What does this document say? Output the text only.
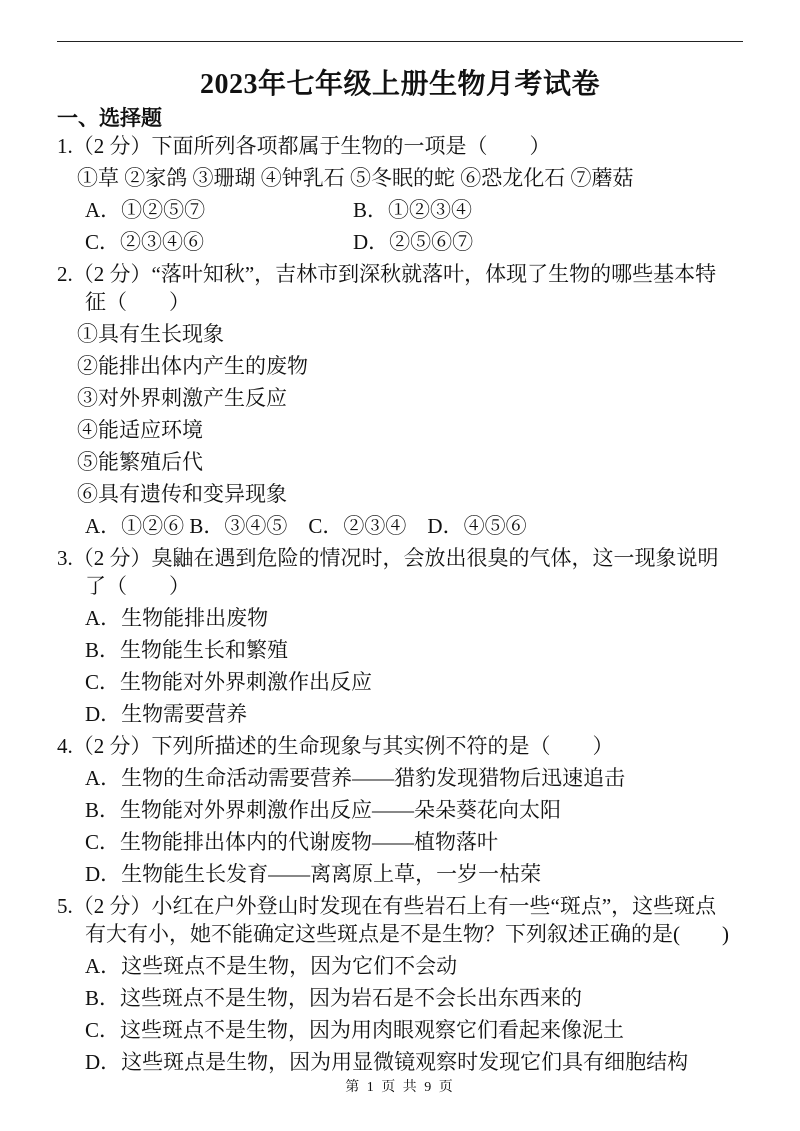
2023年七年级上册生物月考试卷
一、选择题
1.（2 分）下面所列各项都属于生物的一项是（　　）
①草 ②家鸽 ③珊瑚 ④钟乳石 ⑤冬眠的蛇 ⑥恐龙化石 ⑦蘑菇
A．①②⑤⑦	B．①②③④
C．②③④⑥	D．②⑤⑥⑦
2.（2 分）“落叶知秋”，吉林市到深秋就落叶，体现了生物的哪些基本特
征（　　）
①具有生长现象
②能排出体内产生的废物
③对外界刺激产生反应
④能适应环境
⑤能繁殖后代
⑥具有遗传和变异现象
A．①②⑥ B．③④⑤　C．②③④　D．④⑤⑥
3.（2 分）臭鼬在遇到危险的情况时，会放出很臭的气体，这一现象说明
了（　　）
A．生物能排出废物
B．生物能生长和繁殖
C．生物能对外界刺激作出反应
D．生物需要营养
4.（2 分）下列所描述的生命现象与其实例不符的是（　　）
A．生物的生命活动需要营养——猎豹发现猎物后迅速追击
B．生物能对外界刺激作出反应——朵朵葵花向太阳
C．生物能排出体内的代谢废物——植物落叶
D．生物能生长发育——离离原上草，一岁一枯荣
5.（2 分）小红在户外登山时发现在有些岩石上有一些“斑点”，这些斑点
有大有小，她不能确定这些斑点是不是生物？下列叙述正确的是(　　)
A．这些斑点不是生物，因为它们不会动
B．这些斑点不是生物，因为岩石是不会长出东西来的
C．这些斑点不是生物，因为用肉眼观察它们看起来像泥土
D．这些斑点是生物，因为用显微镜观察时发现它们具有细胞结构
第 1 页 共 9 页
